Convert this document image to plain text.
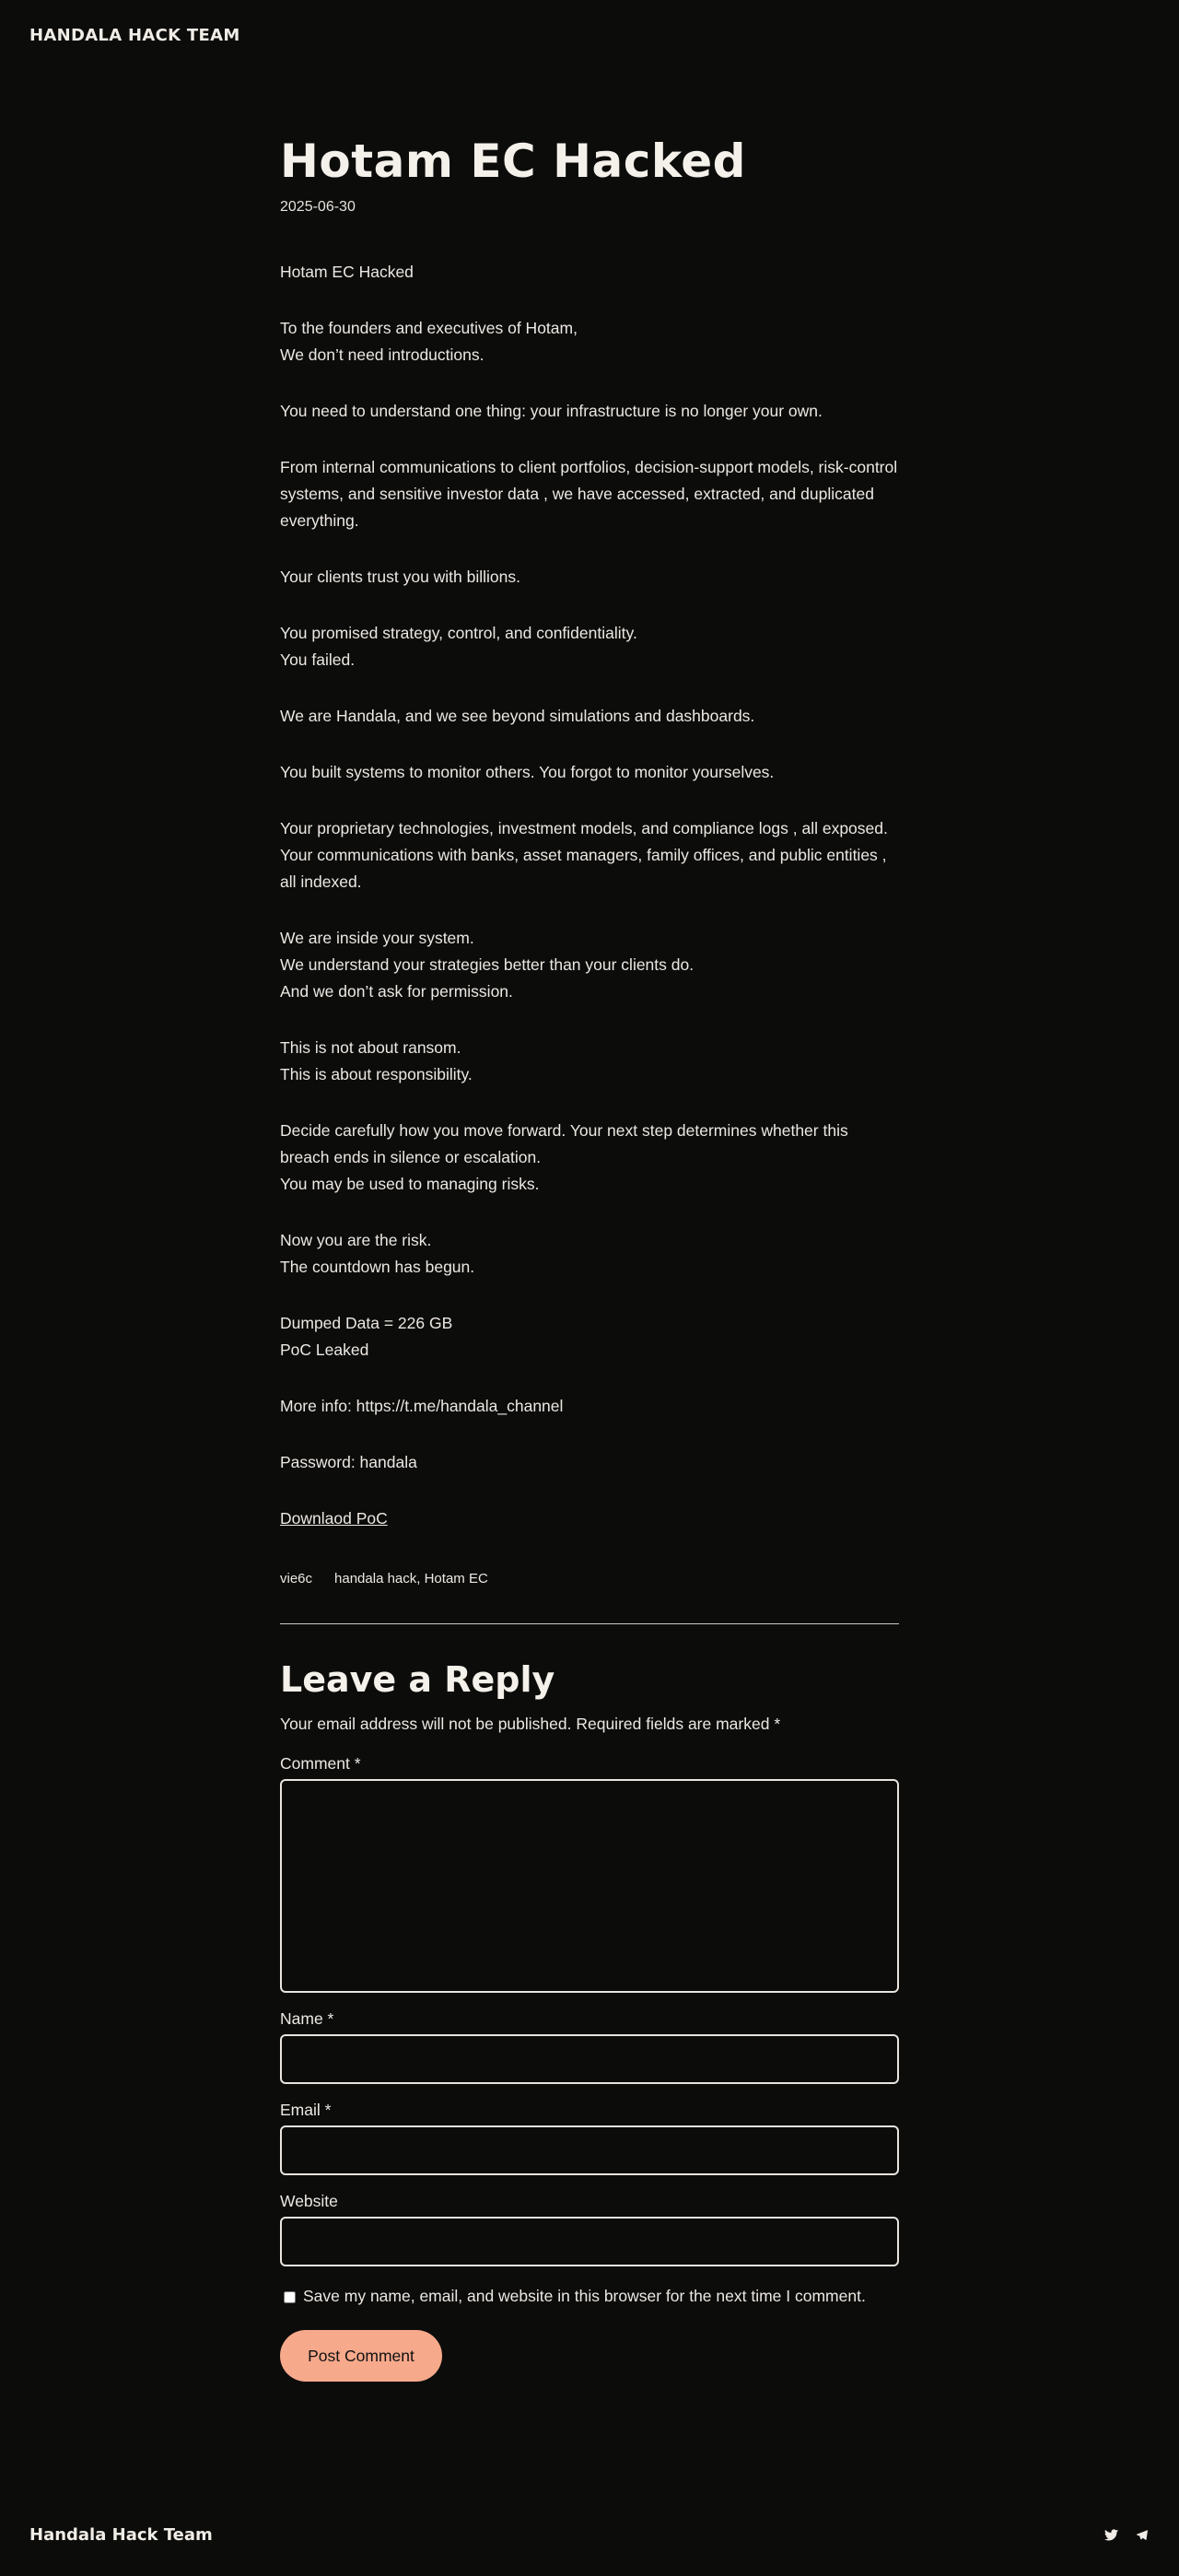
HANDALA HACK TEAM
Hotam EC Hacked
2025-06-30

Hotam EC Hacked

To the founders and executives of Hotam,
We don’t need introductions.

You need to understand one thing: your infrastructure is no longer your own.

From internal communications to client portfolios, decision-support models, risk-control systems, and sensitive investor data , we have accessed, extracted, and duplicated everything.

Your clients trust you with billions.

You promised strategy, control, and confidentiality.
You failed.

We are Handala, and we see beyond simulations and dashboards.

You built systems to monitor others. You forgot to monitor yourselves.

Your proprietary technologies, investment models, and compliance logs , all exposed. Your communications with banks, asset managers, family offices, and public entities , all indexed.

We are inside your system.
We understand your strategies better than your clients do.
And we don’t ask for permission.

This is not about ransom.
This is about responsibility.

Decide carefully how you move forward. Your next step determines whether this breach ends in silence or escalation.
You may be used to managing risks.

Now you are the risk.
The countdown has begun.

Dumped Data = 226 GB
PoC Leaked

More info: https://t.me/handala_channel

Password: handala

Downlaod PoC
vie6c handala hack, Hotam EC
Leave a Reply
Your email address will not be published. Required fields are marked *
Comment *
Name *
Email *
Website
Save my name, email, and website in this browser for the next time I comment.
Post Comment
Handala Hack Team
